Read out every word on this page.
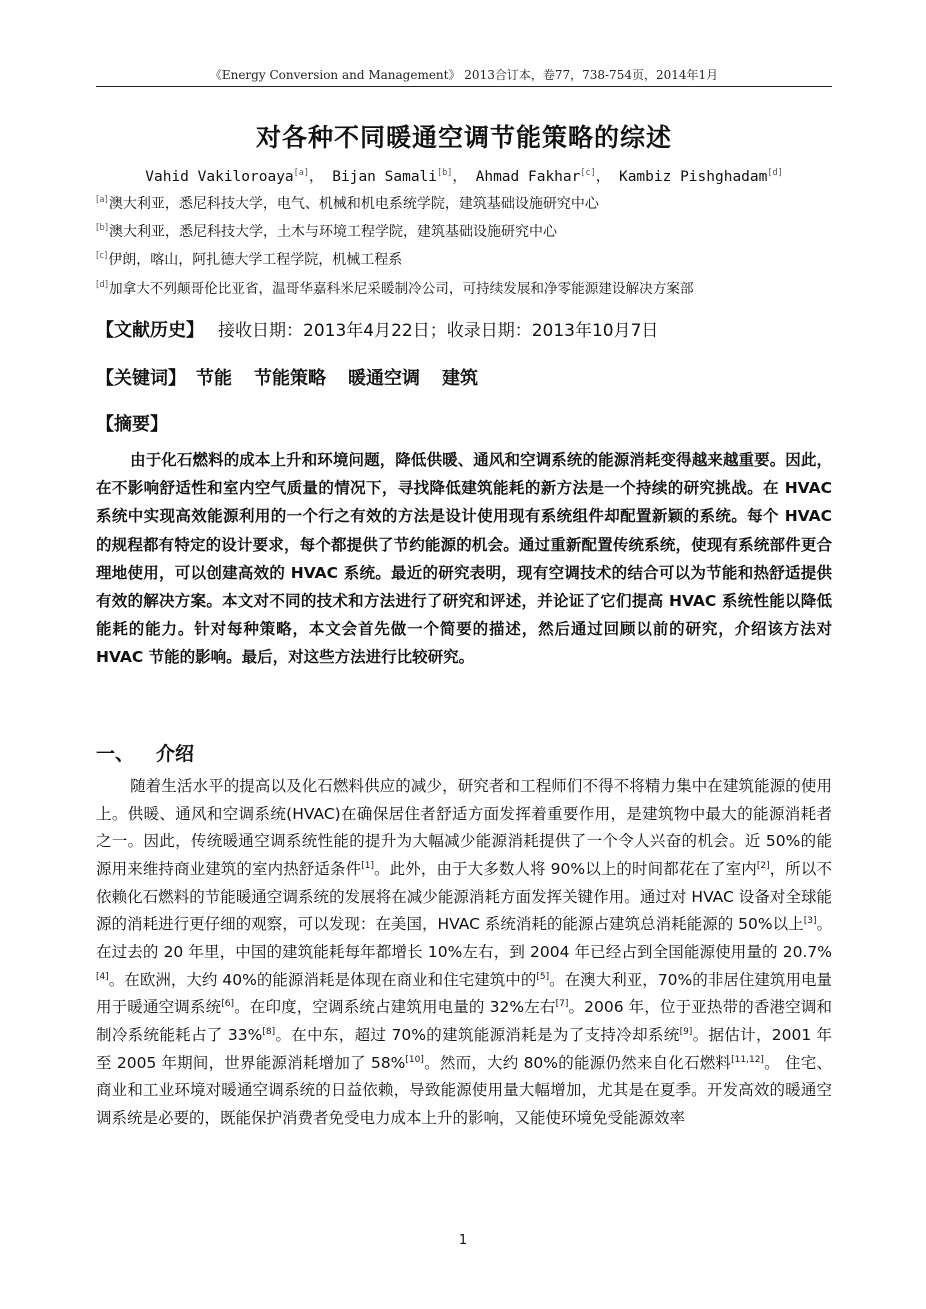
《Energy Conversion and Management》 2013合订本，卷77，738-754页，2014年1月
对各种不同暖通空调节能策略的综述
Vahid Vakiloroaya[a]， Bijan Samali[b]， Ahmad Fakhar[c]， Kambiz Pishghadam[d]
[a]澳大利亚，悉尼科技大学，电气、机械和机电系统学院，建筑基础设施研究中心
[b]澳大利亚，悉尼科技大学，土木与环境工程学院，建筑基础设施研究中心
[c]伊朗，喀山，阿扎德大学工程学院，机械工程系
[d]加拿大不列颠哥伦比亚省，温哥华嘉科米尼采暖制冷公司，可持续发展和净零能源建设解决方案部
【文献历史】 接收日期：2013年4月22日；收录日期：2013年10月7日
【关键词】 节能 节能策略 暖通空调 建筑
【摘要】

由于化石燃料的成本上升和环境问题，降低供暖、通风和空调系统的能源消耗变得越来越重要。因此，在不影响舒适性和室内空气质量的情况下，寻找降低建筑能耗的新方法是一个持续的研究挑战。在 HVAC 系统中实现高效能源利用的一个行之有效的方法是设计使用现有系统组件却配置新颖的系统。每个 HVAC 的规程都有特定的设计要求，每个都提供了节约能源的机会。通过重新配置传统系统，使现有系统部件更合理地使用，可以创建高效的 HVAC 系统。最近的研究表明，现有空调技术的结合可以为节能和热舒适提供有效的解决方案。本文对不同的技术和方法进行了研究和评述，并论证了它们提高 HVAC 系统性能以降低能耗的能力。针对每种策略，本文会首先做一个简要的描述，然后通过回顾以前的研究，介绍该方法对 HVAC 节能的影响。最后，对这些方法进行比较研究。

一、 介绍

随着生活水平的提高以及化石燃料供应的减少，研究者和工程师们不得不将精力集中在建筑能源的使用上。供暖、通风和空调系统(HVAC)在确保居住者舒适方面发挥着重要作用，是建筑物中最大的能源消耗者之一。因此，传统暖通空调系统性能的提升为大幅减少能源消耗提供了一个令人兴奋的机会。近 50%的能源用来维持商业建筑的室内热舒适条件[1]。此外，由于大多数人将 90%以上的时间都花在了室内[2]，所以不依赖化石燃料的节能暖通空调系统的发展将在减少能源消耗方面发挥关键作用。通过对 HVAC 设备对全球能源的消耗进行更仔细的观察，可以发现：在美国，HVAC 系统消耗的能源占建筑总消耗能源的 50%以上[3]。在过去的 20 年里，中国的建筑能耗每年都增长 10%左右，到 2004 年已经占到全国能源使用量的 20.7%[4]。在欧洲，大约 40%的能源消耗是体现在商业和住宅建筑中的[5]。在澳大利亚，70%的非居住建筑用电量用于暖通空调系统[6]。在印度，空调系统占建筑用电量的 32%左右[7]。2006 年，位于亚热带的香港空调和制冷系统能耗占了 33%[8]。在中东，超过 70%的建筑能源消耗是为了支持冷却系统[9]。据估计，2001 年至 2005 年期间，世界能源消耗增加了 58%[10]。然而，大约 80%的能源仍然来自化石燃料[11,12]。 住宅、商业和工业环境对暖通空调系统的日益依赖，导致能源使用量大幅增加，尤其是在夏季。开发高效的暖通空调系统是必要的，既能保护消费者免受电力成本上升的影响，又能使环境免受能源效率

1
